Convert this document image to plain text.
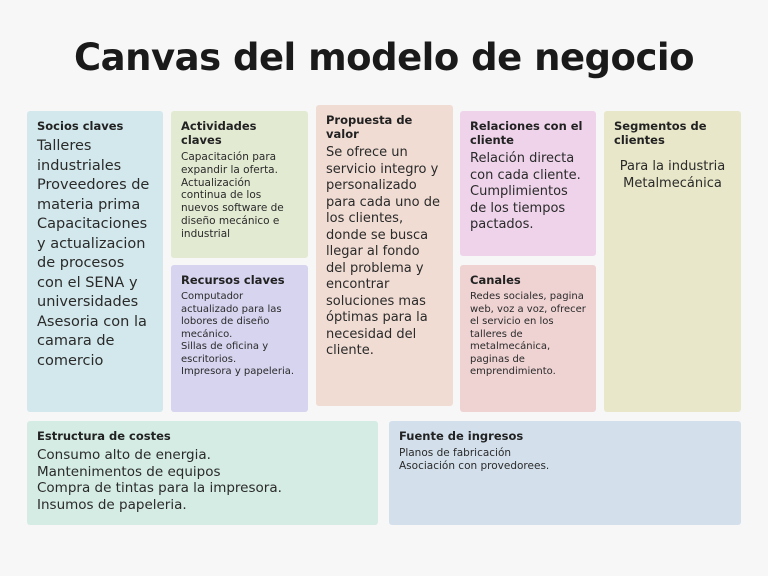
Canvas del modelo de negocio
Socios claves
Talleres industriales
Proveedores de materia prima
Capacitaciones y actualizacion de procesos con el SENA y universidades
Asesoria con la camara de comercio
Actividades claves
Capacitación para expandir la oferta.
Actualización continua de los nuevos software de diseño mecánico e industrial
Recursos claves
Computador actualizado para las lobores de diseño mecánico.
Sillas de oficina y escritorios.
Impresora y papeleria.
Propuesta de valor
Se ofrece un servicio integro y personalizado para cada uno de los clientes, donde se busca llegar al fondo del problema y encontrar soluciones mas óptimas para la necesidad del cliente.
Relaciones con el cliente
Relación directa con cada cliente.
Cumplimientos de los tiempos pactados.
Canales
Redes sociales, pagina web, voz a voz, ofrecer el servicio en los talleres de metalmecánica, paginas de emprendimiento.
Segmentos de clientes
Para la industria Metalmecánica
Estructura de costes
Consumo alto de energia.
Mantenimentos de equipos
Compra de tintas para la impresora.
Insumos de papeleria.
Fuente de ingresos
Planos de fabricación
Asociación con provedorees.
